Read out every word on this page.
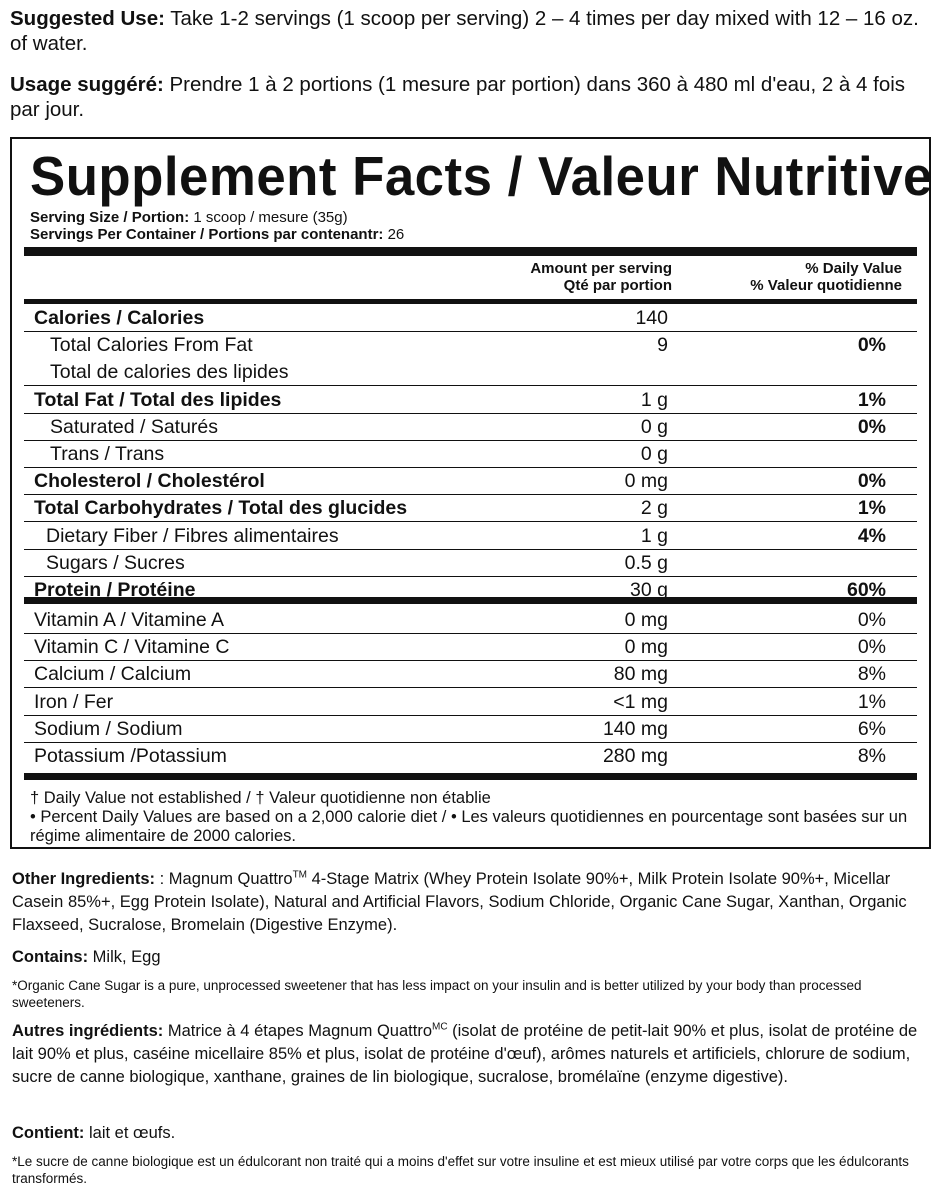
Suggested Use: Take 1-2 servings (1 scoop per serving) 2 – 4 times per day mixed with 12 – 16 oz. of water.
Usage suggéré: Prendre 1 à 2 portions (1 mesure par portion) dans 360 à 480 ml d'eau, 2 à 4 fois par jour.
Supplement Facts / Valeur Nutritive
Serving Size / Portion: 1 scoop / mesure (35g)
Servings Per Container / Portions par contenantr: 26
Amount per serving
Qté par portion
% Daily Value
% Valeur quotidienne
† Daily Value not established / † Valeur quotidienne non établie
• Percent Daily Values are based on a 2,000 calorie diet / • Les valeurs quotidiennes en pourcentage sont basées sur un régime alimentaire de 2000 calories.
Calories / Calories	140
Total Calories From Fat	9	0%
Total de calories des lipides
Total Fat / Total des lipides	1 g	1%
Saturated / Saturés	0 g	0%
Trans / Trans	0 g
Cholesterol / Cholestérol	0 mg	0%
Total Carbohydrates / Total des glucides	2 g	1%
Dietary Fiber / Fibres alimentaires	1 g	4%
Sugars / Sucres	0.5 g
Protein / Protéine	30 g	60%
Vitamin A / Vitamine A	0 mg	0%
Vitamin C / Vitamine C	0 mg	0%
Calcium / Calcium	80 mg	8%
Iron / Fer	<1 mg	1%
Sodium / Sodium	140 mg	6%
Potassium /Potassium	280 mg	8%
Other Ingredients: : Magnum Quattro™ 4-Stage Matrix (Whey Protein Isolate 90%+, Milk Protein Isolate 90%+, Micellar Casein 85%+, Egg Protein Isolate), Natural and Artificial Flavors, Sodium Chloride, Organic Cane Sugar, Xanthan, Organic Flaxseed, Sucralose, Bromelain (Digestive Enzyme).
Contains: Milk, Egg
*Organic Cane Sugar is a pure, unprocessed sweetener that has less impact on your insulin and is better utilized by your body than processed sweeteners.
Autres ingrédients: Matrice à 4 étapes Magnum Quattro$^{MC}$ (isolat de protéine de petit-lait 90% et plus, isolat de protéine de lait 90% et plus, caséine micellaire 85% et plus, isolat de protéine d'œuf), arômes naturels et artificiels, chlorure de sodium, sucre de canne biologique, xanthane, graines de lin biologique, sucralose, bromélaïne (enzyme digestive).
Contient: lait et œufs.
*Le sucre de canne biologique est un édulcorant non traité qui a moins d'effet sur votre insuline et est mieux utilisé par votre corps que les édulcorants transformés.
